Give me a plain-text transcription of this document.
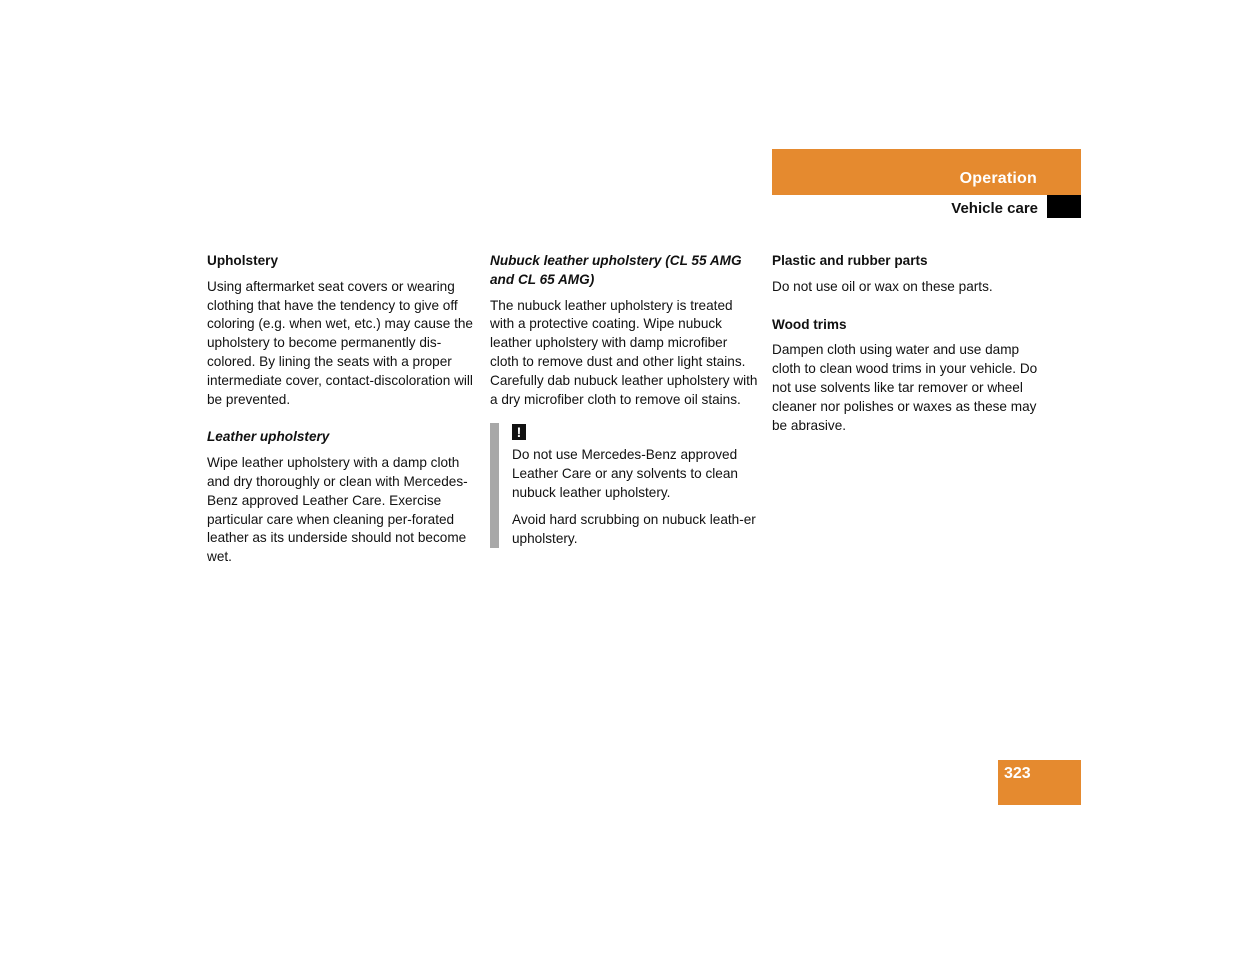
Operation
Vehicle care
Upholstery

Using aftermarket seat covers or wearing clothing that have the tendency to give off coloring (e.g. when wet, etc.) may cause the upholstery to become permanently dis-colored. By lining the seats with a proper intermediate cover, contact-discoloration will be prevented.

Leather upholstery

Wipe leather upholstery with a damp cloth and dry thoroughly or clean with Mercedes-Benz approved Leather Care. Exercise particular care when cleaning per-forated leather as its underside should not become wet.

Nubuck leather upholstery (CL 55 AMG and CL 65 AMG)

The nubuck leather upholstery is treated with a protective coating. Wipe nubuck leather upholstery with damp microfiber cloth to remove dust and other light stains. Carefully dab nubuck leather upholstery with a dry microfiber cloth to remove oil stains.

!

Do not use Mercedes-Benz approved Leather Care or any solvents to clean nubuck leather upholstery.

Avoid hard scrubbing on nubuck leath-er upholstery.

Plastic and rubber parts

Do not use oil or wax on these parts.

Wood trims

Dampen cloth using water and use damp cloth to clean wood trims in your vehicle. Do not use solvents like tar remover or wheel cleaner nor polishes or waxes as these may be abrasive.

323
